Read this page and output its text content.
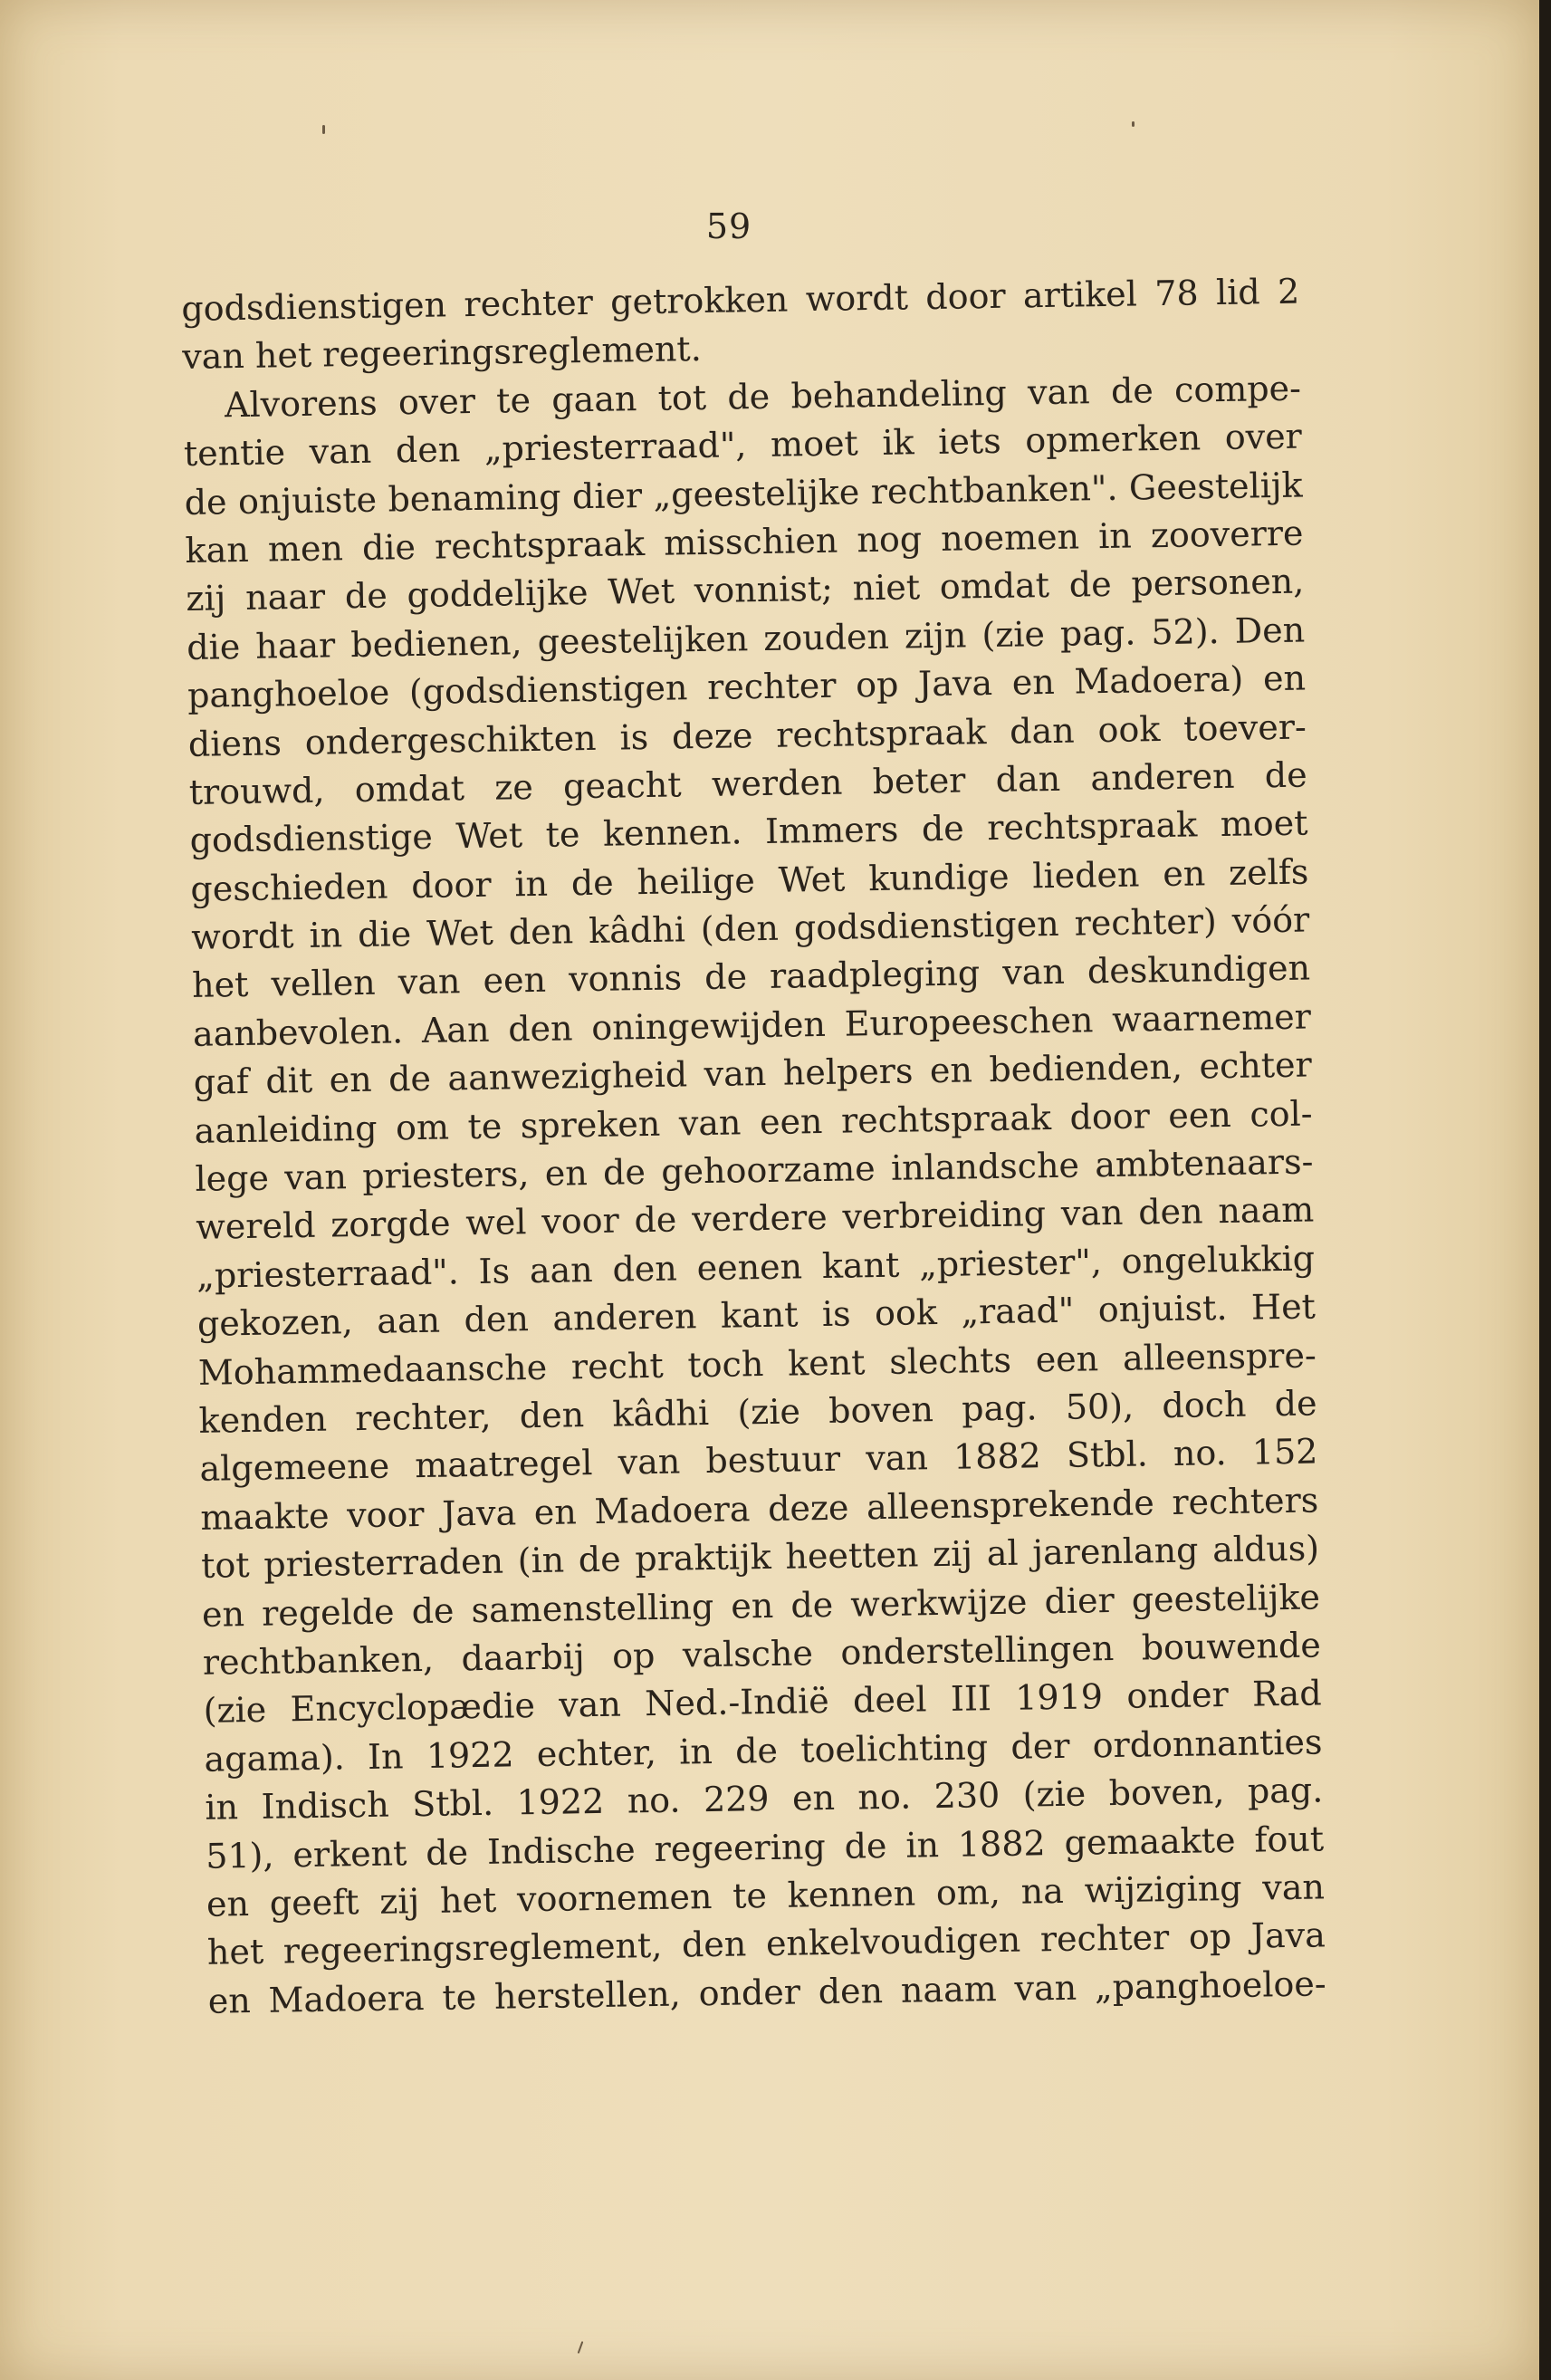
59
godsdienstigen rechter getrokken wordt door artikel 78 lid 2
van het regeeringsreglement.
Alvorens over te gaan tot de behandeling van de compe-
tentie van den „priesterraad", moet ik iets opmerken over
de onjuiste benaming dier „geestelijke rechtbanken". Geestelijk
kan men die rechtspraak misschien nog noemen in zooverre
zij naar de goddelijke Wet vonnist; niet omdat de personen,
die haar bedienen, geestelijken zouden zijn (zie pag. 52). Den
panghoeloe (godsdienstigen rechter op Java en Madoera) en
diens ondergeschikten is deze rechtspraak dan ook toever-
trouwd, omdat ze geacht werden beter dan anderen de
godsdienstige Wet te kennen. Immers de rechtspraak moet
geschieden door in de heilige Wet kundige lieden en zelfs
wordt in die Wet den kâdhi (den godsdienstigen rechter) vóór
het vellen van een vonnis de raadpleging van deskundigen
aanbevolen. Aan den oningewijden Europeeschen waarnemer
gaf dit en de aanwezigheid van helpers en bedienden, echter
aanleiding om te spreken van een rechtspraak door een col-
lege van priesters, en de gehoorzame inlandsche ambtenaars-
wereld zorgde wel voor de verdere verbreiding van den naam
„priesterraad". Is aan den eenen kant „priester", ongelukkig
gekozen, aan den anderen kant is ook „raad" onjuist. Het
Mohammedaansche recht toch kent slechts een alleenspre-
kenden rechter, den kâdhi (zie boven pag. 50), doch de
algemeene maatregel van bestuur van 1882 Stbl. no. 152
maakte voor Java en Madoera deze alleensprekende rechters
tot priesterraden (in de praktijk heetten zij al jarenlang aldus)
en regelde de samenstelling en de werkwijze dier geestelijke
rechtbanken, daarbij op valsche onderstellingen bouwende
(zie Encyclopædie van Ned.-Indië deel III 1919 onder Rad
agama). In 1922 echter, in de toelichting der ordonnanties
in Indisch Stbl. 1922 no. 229 en no. 230 (zie boven, pag.
51), erkent de Indische regeering de in 1882 gemaakte fout
en geeft zij het voornemen te kennen om, na wijziging van
het regeeringsreglement, den enkelvoudigen rechter op Java
en Madoera te herstellen, onder den naam van „panghoeloe-
